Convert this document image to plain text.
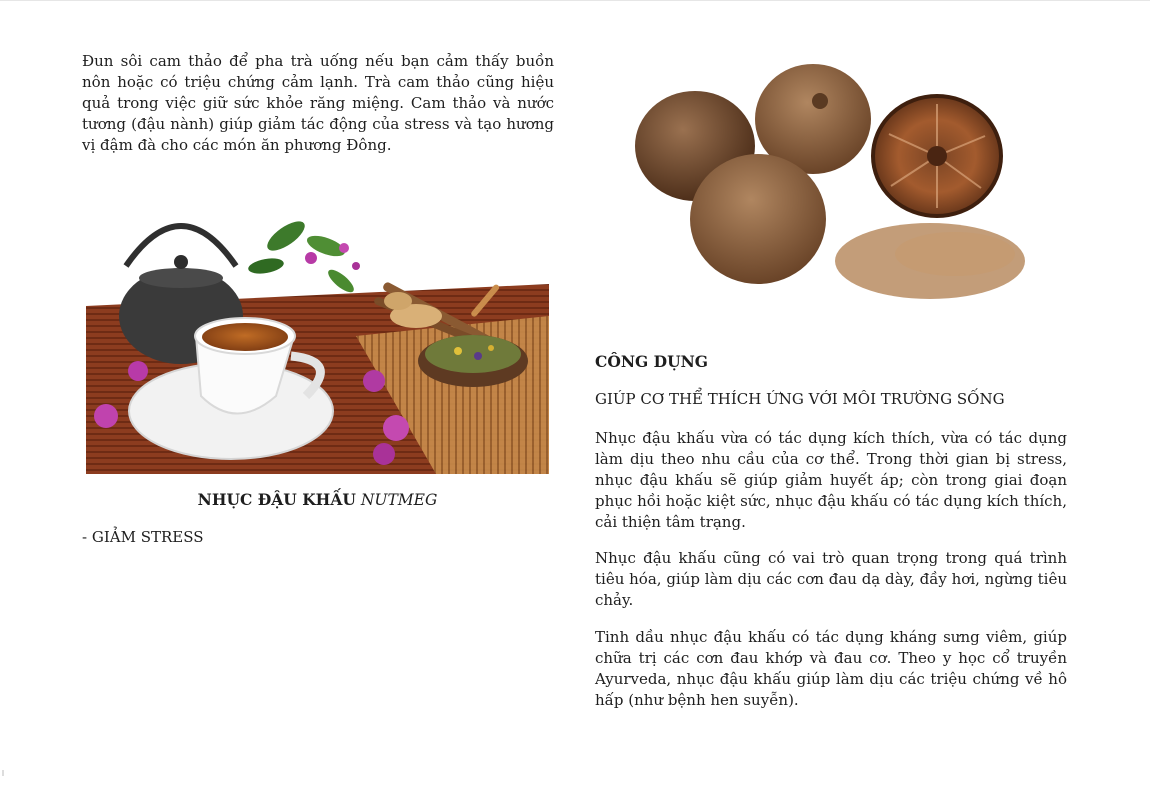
Đun sôi cam thảo để pha trà uống nếu bạn cảm thấy buồn nôn hoặc có triệu chứng cảm lạnh. Trà cam thảo cũng hiệu quả trong việc giữ sức khỏe răng miệng. Cam thảo và nước tương (đậu nành) giúp giảm tác động của stress và tạo hương vị đậm đà cho các món ăn phương Đông.

NHỤC ĐẬU KHẤU NUTMEG

- GIẢM STRESS

CÔNG DỤNG

GIÚP CƠ THỂ THÍCH ỨNG VỚI MÔI TRƯỜNG SỐNG

Nhục đậu khấu vừa có tác dụng kích thích, vừa có tác dụng làm dịu theo nhu cầu của cơ thể. Trong thời gian bị stress, nhục đậu khấu sẽ giúp giảm huyết áp; còn trong giai đoạn phục hồi hoặc kiệt sức, nhục đậu khấu có tác dụng kích thích, cải thiện tâm trạng.

Nhục đậu khấu cũng có vai trò quan trọng trong quá trình tiêu hóa, giúp làm dịu các cơn đau dạ dày, đầy hơi, ngừng tiêu chảy.

Tinh dầu nhục đậu khấu có tác dụng kháng sưng viêm, giúp chữa trị các cơn đau khớp và đau cơ. Theo y học cổ truyền Ayurveda, nhục đậu khấu giúp làm dịu các triệu chứng về hô hấp (như bệnh hen suyễn).
